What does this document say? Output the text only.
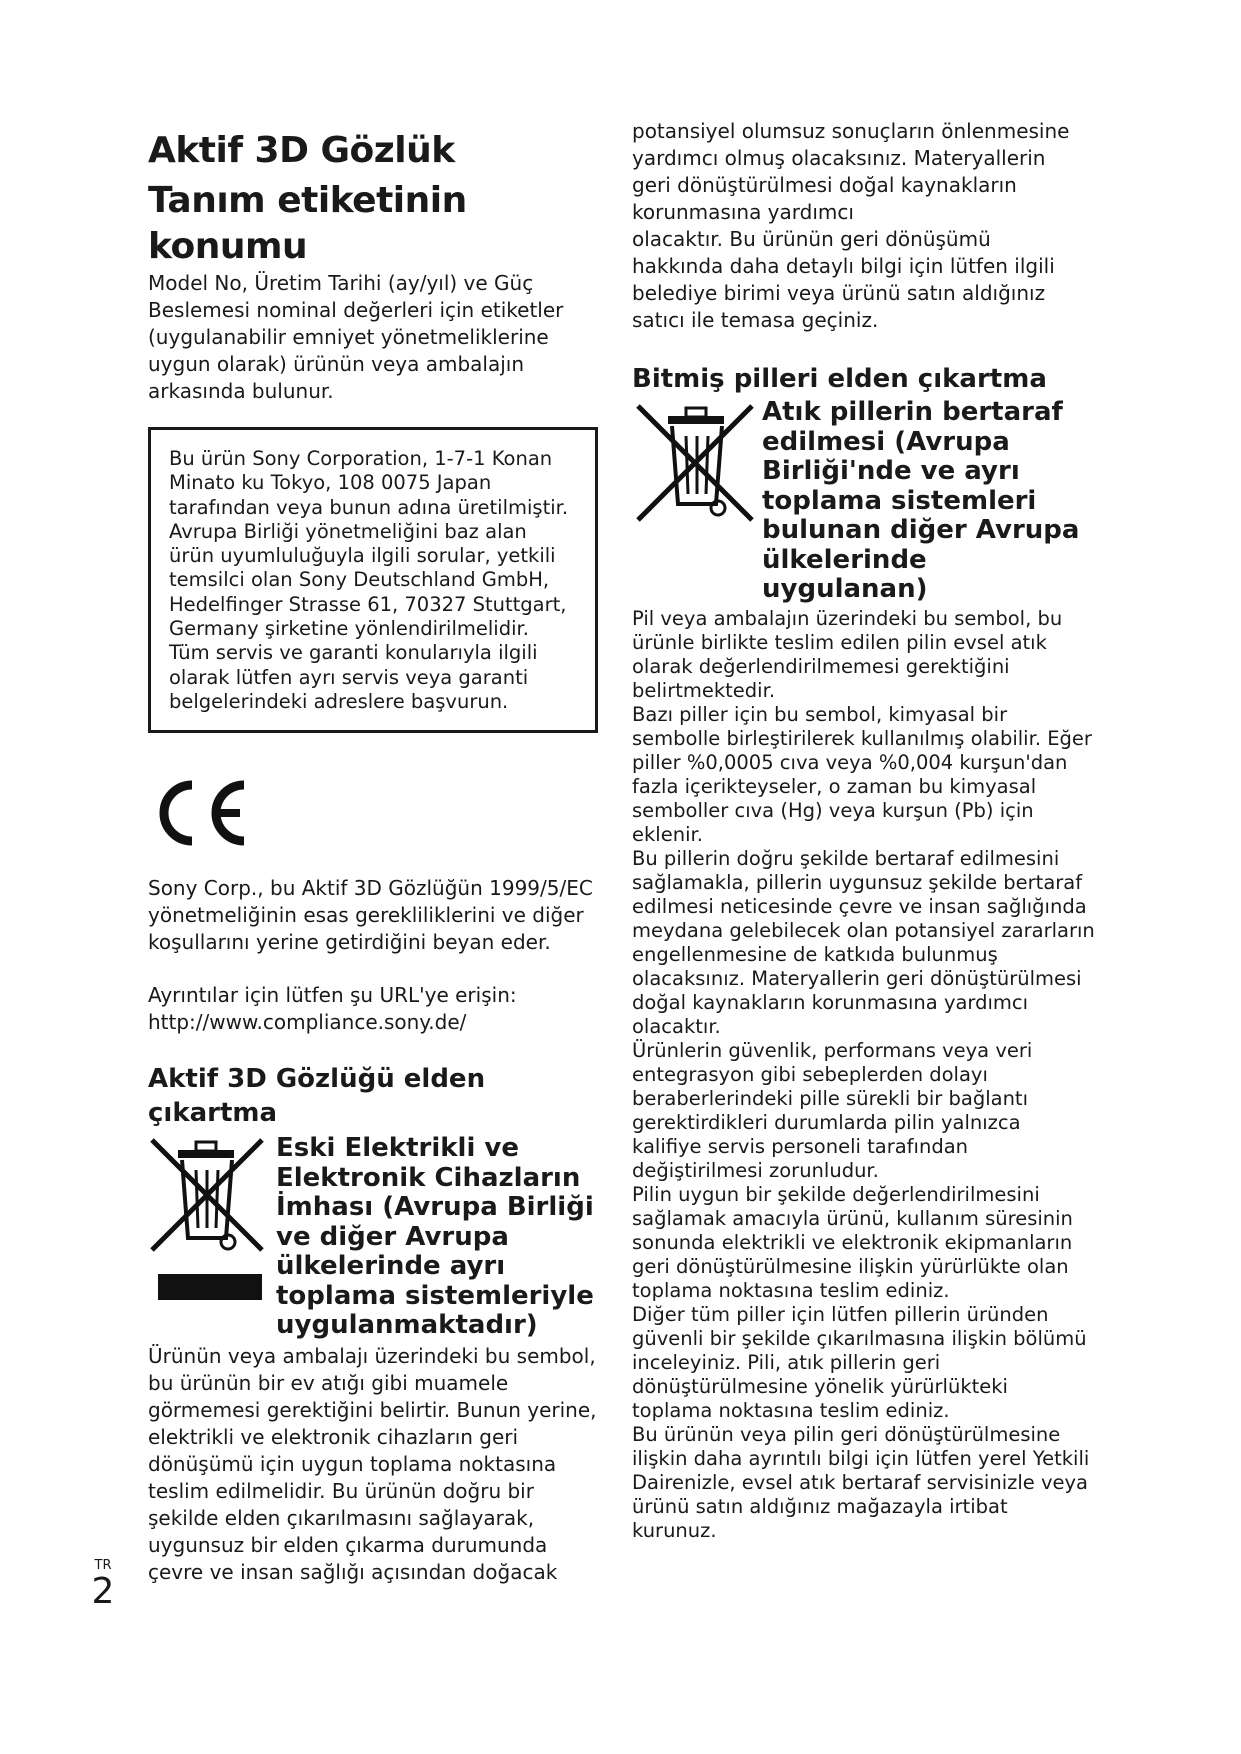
Aktif 3D Gözlük
Tanım etiketinin konumu
Model No, Üretim Tarihi (ay/yıl) ve Güç
Beslemesi nominal değerleri için etiketler
(uygulanabilir emniyet yönetmeliklerine
uygun olarak) ürünün veya ambalajın
arkasında bulunur.
Bu ürün Sony Corporation, 1-7-1 Konan
Minato ku Tokyo, 108 0075 Japan
tarafından veya bunun adına üretilmiştir.
Avrupa Birliği yönetmeliğini baz alan
ürün uyumluluğuyla ilgili sorular, yetkili
temsilci olan Sony Deutschland GmbH,
Hedelfinger Strasse 61, 70327 Stuttgart,
Germany şirketine yönlendirilmelidir.
Tüm servis ve garanti konularıyla ilgili
olarak lütfen ayrı servis veya garanti
belgelerindeki adreslere başvurun.
Sony Corp., bu Aktif 3D Gözlüğün 1999/5/EC
yönetmeliğinin esas gerekliliklerini ve diğer
koşullarını yerine getirdiğini beyan eder.
Ayrıntılar için lütfen şu URL'ye erişin:
http://www.compliance.sony.de/
Aktif 3D Gözlüğü elden çıkartma
Eski Elektrikli ve
Elektronik Cihazların
İmhası (Avrupa Birliği
ve diğer Avrupa
ülkelerinde ayrı
toplama sistemleriyle
uygulanmaktadır)
Ürünün veya ambalajı üzerindeki bu sembol,
bu ürünün bir ev atığı gibi muamele
görmemesi gerektiğini belirtir. Bunun yerine,
elektrikli ve elektronik cihazların geri
dönüşümü için uygun toplama noktasına
teslim edilmelidir. Bu ürünün doğru bir
şekilde elden çıkarılmasını sağlayarak,
uygunsuz bir elden çıkarma durumunda
çevre ve insan sağlığı açısından doğacak
potansiyel olumsuz sonuçların önlenmesine
yardımcı olmuş olacaksınız. Materyallerin
geri dönüştürülmesi doğal kaynakların
korunmasına yardımcı
olacaktır. Bu ürünün geri dönüşümü
hakkında daha detaylı bilgi için lütfen ilgili
belediye birimi veya ürünü satın aldığınız
satıcı ile temasa geçiniz.
Bitmiş pilleri elden çıkartma
Atık pillerin bertaraf
edilmesi (Avrupa
Birliği'nde ve ayrı
toplama sistemleri
bulunan diğer Avrupa
ülkelerinde
uygulanan)
Pil veya ambalajın üzerindeki bu sembol, bu
ürünle birlikte teslim edilen pilin evsel atık
olarak değerlendirilmemesi gerektiğini
belirtmektedir.
Bazı piller için bu sembol, kimyasal bir
sembolle birleştirilerek kullanılmış olabilir. Eğer
piller %0,0005 cıva veya %0,004 kurşun'dan
fazla içerikteyseler, o zaman bu kimyasal
semboller cıva (Hg) veya kurşun (Pb) için
eklenir.
Bu pillerin doğru şekilde bertaraf edilmesini
sağlamakla, pillerin uygunsuz şekilde bertaraf
edilmesi neticesinde çevre ve insan sağlığında
meydana gelebilecek olan potansiyel zararların
engellenmesine de katkıda bulunmuş
olacaksınız. Materyallerin geri dönüştürülmesi
doğal kaynakların korunmasına yardımcı
olacaktır.
Ürünlerin güvenlik, performans veya veri
entegrasyon gibi sebeplerden dolayı
beraberlerindeki pille sürekli bir bağlantı
gerektirdikleri durumlarda pilin yalnızca
kalifiye servis personeli tarafından
değiştirilmesi zorunludur.
Pilin uygun bir şekilde değerlendirilmesini
sağlamak amacıyla ürünü, kullanım süresinin
sonunda elektrikli ve elektronik ekipmanların
geri dönüştürülmesine ilişkin yürürlükte olan
toplama noktasına teslim ediniz.
Diğer tüm piller için lütfen pillerin üründen
güvenli bir şekilde çıkarılmasına ilişkin bölümü
inceleyiniz. Pili, atık pillerin geri
dönüştürülmesine yönelik yürürlükteki
toplama noktasına teslim ediniz.
Bu ürünün veya pilin geri dönüştürülmesine
ilişkin daha ayrıntılı bilgi için lütfen yerel Yetkili
Dairenizle, evsel atık bertaraf servisinizle veya
ürünü satın aldığınız mağazayla irtibat
kurunuz.
TR
2
